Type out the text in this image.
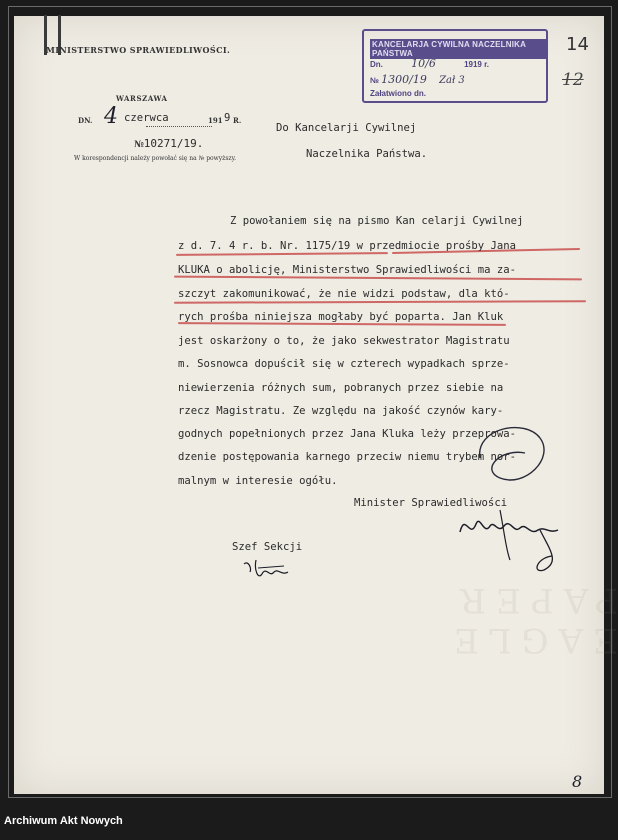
MINISTERSTWO SPRAWIEDLIWOŚCI.
WARSZAWA
DN. 4 czerwca	191 9 R.
№10271/19.
W korespondencji należy powołać się na № powyższy.
KANCELARJA CYWILNA NACZELNIKA PAŃSTWA
Dn.	10/6	1919 r.
№ 1300/19 Zał 3
Załatwiono dn.
14
12
Do Kancelarji Cywilnej
Naczelnika Państwa.
Z powołaniem się na pismo Kan celarji Cywilnej
z d. 7. 4 r. b. Nr. 1175/19 w przedmiocie prośby Jana
KLUKA o abolicję, Ministerstwo Sprawiedliwości ma za-
szczyt zakomunikować, że nie widzi podstaw, dla któ-
rych prośba niniejsza mogłaby być poparta. Jan Kluk
jest oskarżony o to, że jako sekwestrator Magistratu
m. Sosnowca dopuścił się w czterech wypadkach sprze-
niewierzenia różnych sum, pobranych przez siebie na
rzecz Magistratu. Ze względu na jakość czynów kary-
godnych popełnionych przez Jana Kluka leży przeprowa-
dzenie postępowania karnego przeciw niemu trybem nor-
malnym w interesie ogółu.
Minister Sprawiedliwości
Szef Sekcji
EAGLE PAPER
8
Archiwum Akt Nowych
